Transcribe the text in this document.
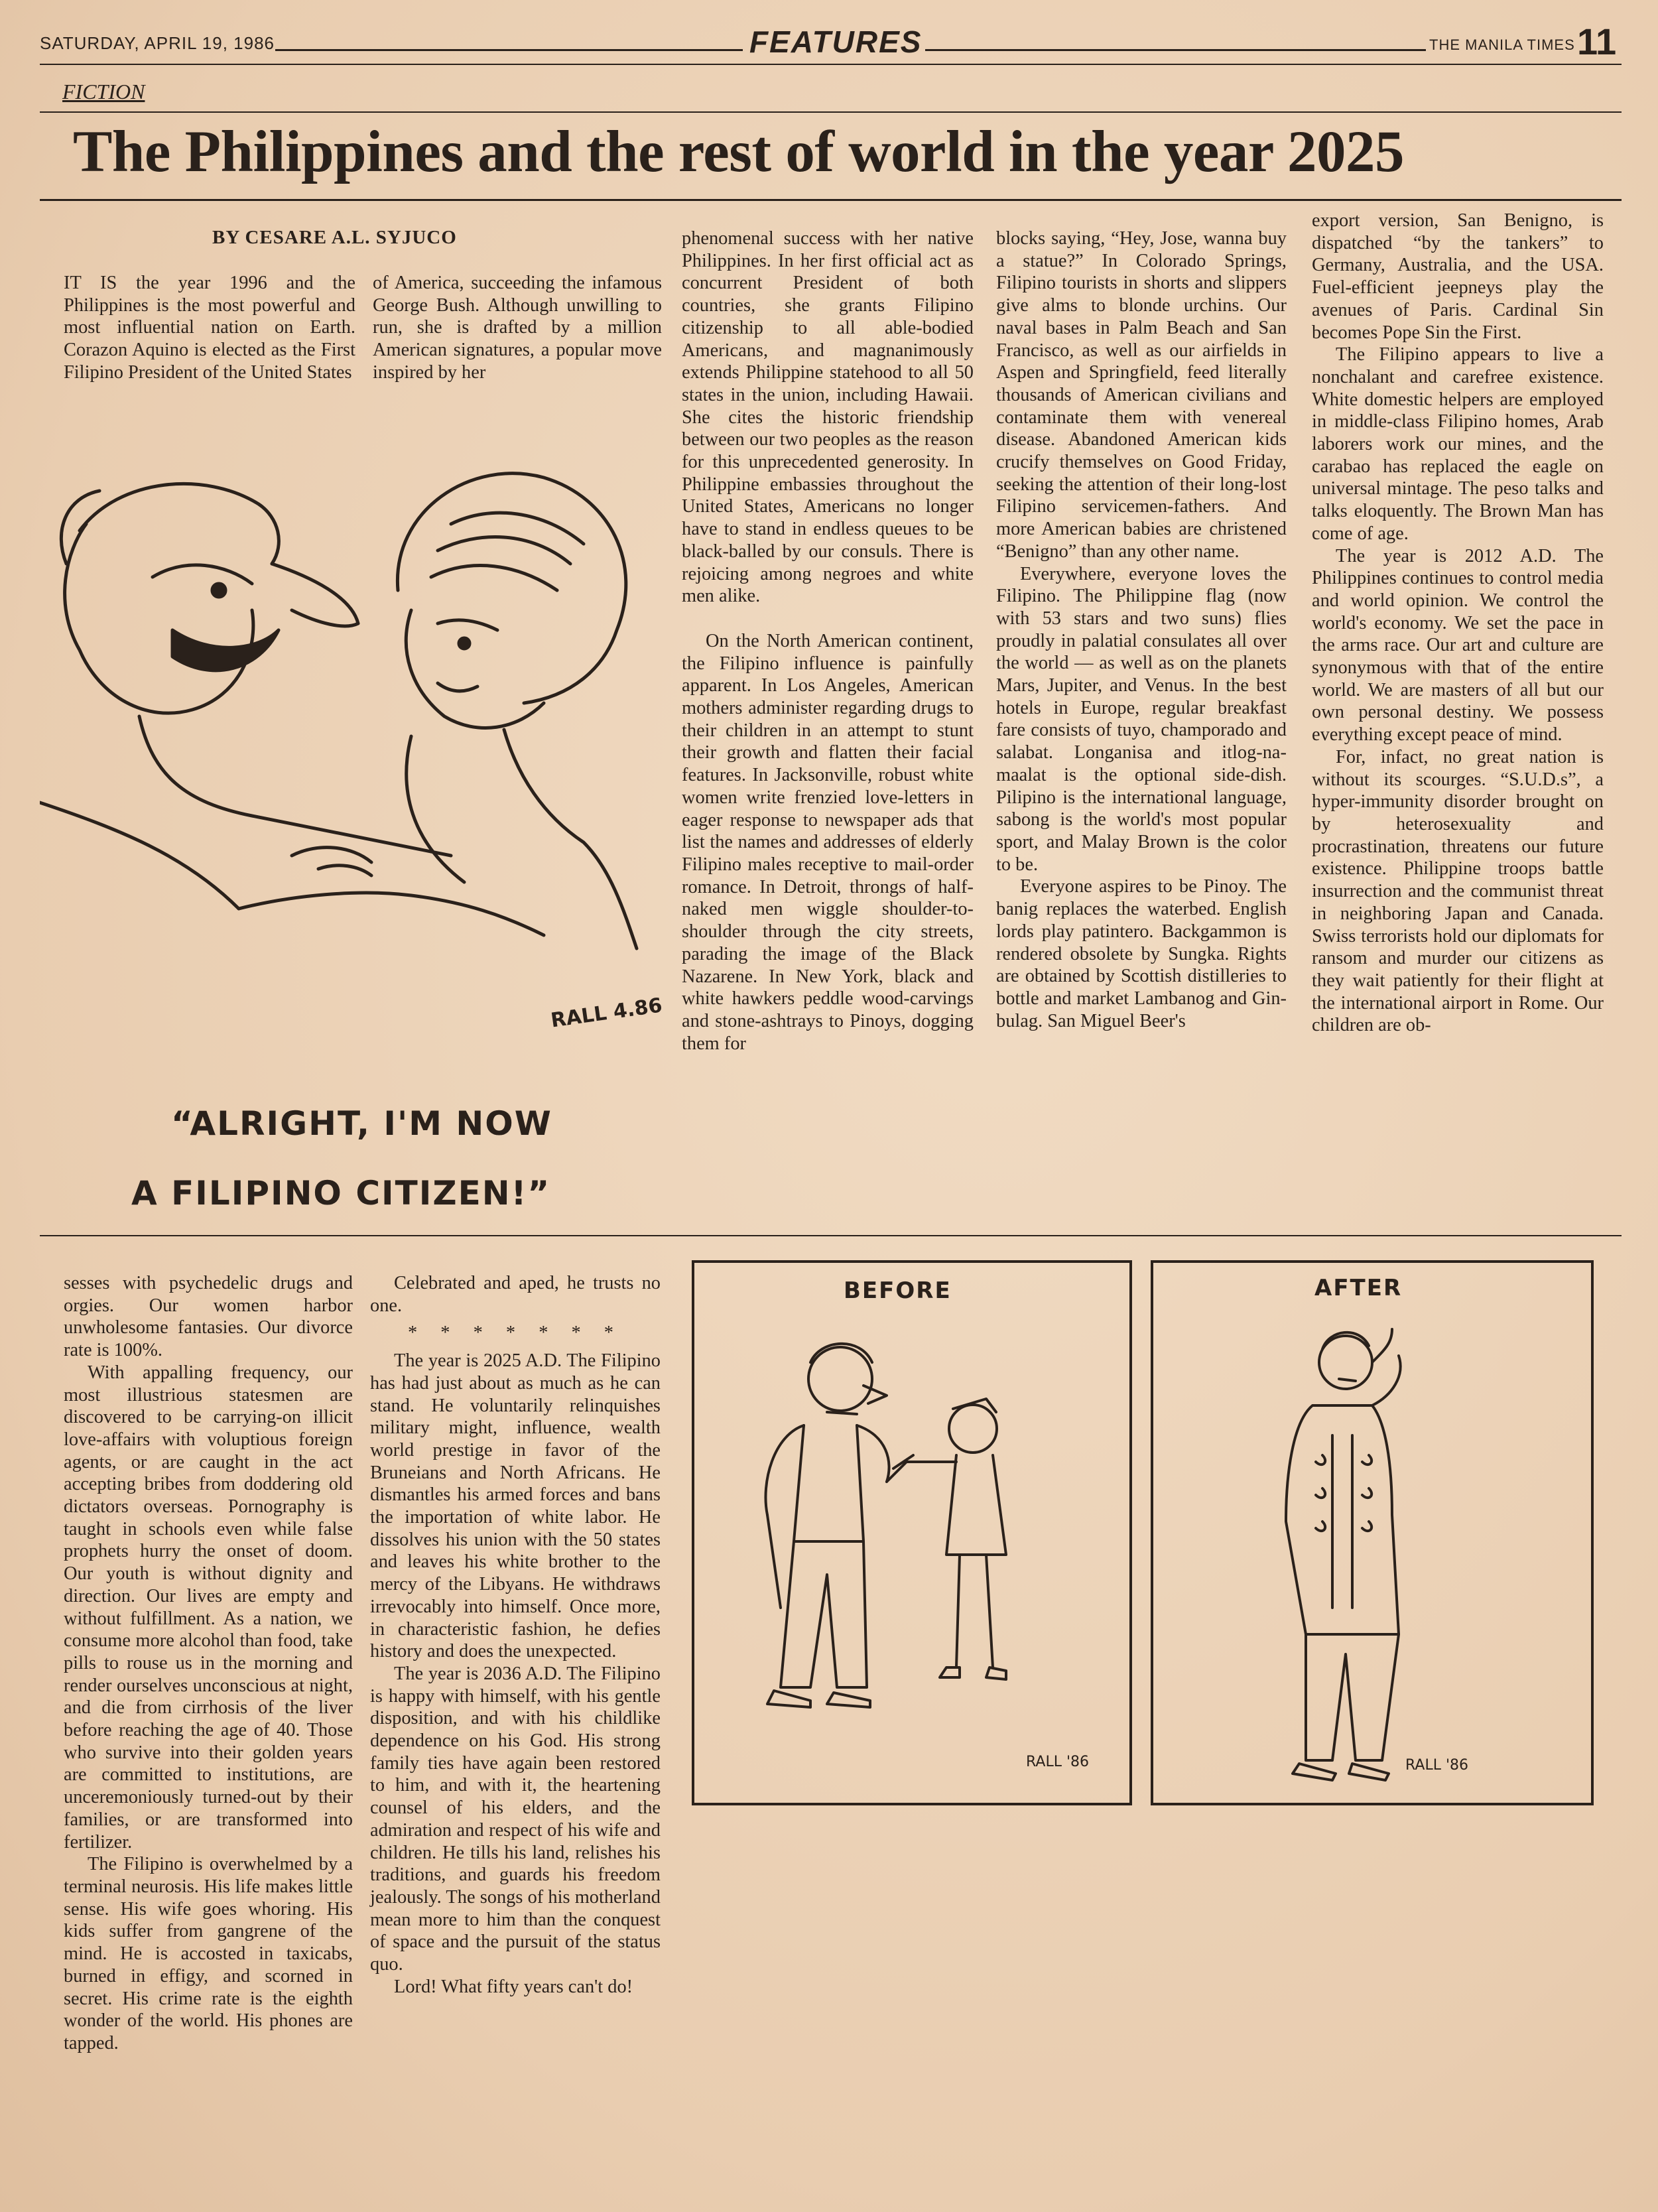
SATURDAY, APRIL 19, 1986	FEATURES	THE MANILA TIMES 11
FICTION
The Philippines and the rest of world in the year 2025
BY CESARE A.L. SYJUCO

IT IS the year 1996 and the Philippines is the most powerful and most influential nation on Earth. Corazon Aquino is elected as the First Filipino President of the United States

of America, succeeding the infamous George Bush. Although unwilling to run, she is drafted by a million American signatures, a popular move inspired by her

phenomenal success with her native Philippines. In her first official act as concurrent President of both countries, she grants Filipino citizenship to all able-bodied Americans, and magnanimously extends Philippine statehood to all 50 states in the union, including Hawaii. She cites the historic friendship between our two peoples as the reason for this unprecedented generosity. In Philippine embassies throughout the United States, Americans no longer have to stand in endless queues to be black-balled by our consuls. There is rejoicing among negroes and white men alike.

On the North American continent, the Filipino influence is painfully apparent. In Los Angeles, American mothers administer regarding drugs to their children in an attempt to stunt their growth and flatten their facial features. In Jacksonville, robust white women write frenzied love-letters in eager response to newspaper ads that list the names and addresses of elderly Filipino males receptive to mail-order romance. In Detroit, throngs of half-naked men wiggle shoulder-to-shoulder through the city streets, parading the image of the Black Nazarene. In New York, black and white hawkers peddle wood-carvings and stone-ashtrays to Pinoys, dogging them for

blocks saying, “Hey, Jose, wanna buy a statue?” In Colorado Springs, Filipino tourists in shorts and slippers give alms to blonde urchins. Our naval bases in Palm Beach and San Francisco, as well as our airfields in Aspen and Springfield, feed literally thousands of American civilians and contaminate them with venereal disease. Abandoned American kids crucify themselves on Good Friday, seeking the attention of their long-lost Filipino servicemen-fathers. And more American babies are christened “Benigno” than any other name.

Everywhere, everyone loves the Filipino. The Philippine flag (now with 53 stars and two suns) flies proudly in palatial consulates all over the world — as well as on the planets Mars, Jupiter, and Venus. In the best hotels in Europe, regular breakfast fare consists of tuyo, champorado and salabat. Longanisa and itlog-na-maalat is the optional side-dish. Pilipino is the international language, sabong is the world's most popular sport, and Malay Brown is the color to be.

Everyone aspires to be Pinoy. The banig replaces the waterbed. English lords play patintero. Backgammon is rendered obsolete by Sungka. Rights are obtained by Scottish distilleries to bottle and market Lambanog and Gin-bulag. San Miguel Beer's

export version, San Benigno, is dispatched “by the tankers” to Germany, Australia, and the USA. Fuel-efficient jeepneys play the avenues of Paris. Cardinal Sin becomes Pope Sin the First.

The Filipino appears to live a nonchalant and carefree existence. White domestic helpers are employed in middle-class Filipino homes, Arab laborers work our mines, and the carabao has replaced the eagle on universal mintage. The peso talks and talks eloquently. The Brown Man has come of age.

The year is 2012 A.D. The Philippines continues to control media and world opinion. We control the world's economy. We set the pace in the arms race. Our art and culture are synonymous with that of the entire world. We are masters of all but our own personal destiny. We possess everything except peace of mind.

For, infact, no great nation is without its scourges. “S.U.D.s”, a hyper-immunity disorder brought on by heterosexuality and procrastination, threatens our future existence. Philippine troops battle insurrection and the communist threat in neighboring Japan and Canada. Swiss terrorists hold our diplomats for ransom and murder our citizens as they wait patiently for their flight at the international airport in Rome. Our children are ob-

RALL 4.86
“ALRIGHT, I'M NOW
A FILIPINO CITIZEN!”

sesses with psychedelic drugs and orgies. Our women harbor unwholesome fantasies. Our divorce rate is 100%.

With appalling frequency, our most illustrious statesmen are discovered to be carrying-on illicit love-affairs with voluptious foreign agents, or are caught in the act accepting bribes from doddering old dictators overseas. Pornography is taught in schools even while false prophets hurry the onset of doom. Our youth is without dignity and direction. Our lives are empty and without fulfillment. As a nation, we consume more alcohol than food, take pills to rouse us in the morning and render ourselves unconscious at night, and die from cirrhosis of the liver before reaching the age of 40. Those who survive into their golden years are committed to institutions, are unceremoniously turned-out by their families, or are transformed into fertilizer.

The Filipino is overwhelmed by a terminal neurosis. His life makes little sense. His wife goes whoring. His kids suffer from gangrene of the mind. He is accosted in taxicabs, burned in effigy, and scorned in secret. His crime rate is the eighth wonder of the world. His phones are tapped.

Celebrated and aped, he trusts no one.

* * * * * * *

The year is 2025 A.D. The Filipino has had just about as much as he can stand. He voluntarily relinquishes military might, influence, wealth world prestige in favor of the Bruneians and North Africans. He dismantles his armed forces and bans the importation of white labor. He dissolves his union with the 50 states and leaves his white brother to the mercy of the Libyans. He withdraws irrevocably into himself. Once more, in characteristic fashion, he defies history and does the unexpected.

The year is 2036 A.D. The Filipino is happy with himself, with his gentle disposition, and with his childlike dependence on his God. His strong family ties have again been restored to him, and with it, the heartening counsel of his elders, and the admiration and respect of his wife and children. He tills his land, relishes his traditions, and guards his freedom jealously. The songs of his motherland mean more to him than the conquest of space and the pursuit of the status quo.

Lord! What fifty years can't do!

BEFORE
RALL '86
AFTER
RALL '86
